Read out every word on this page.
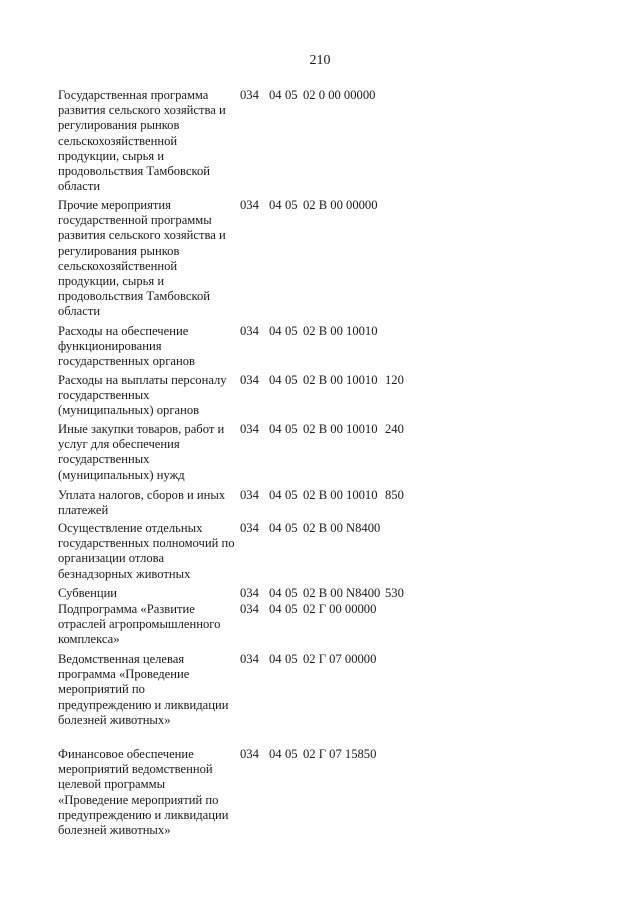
210
Государственная программа развития сельского хозяйства и регулирования рынков сельскохозяйственной продукции, сырья и продовольствия Тамбовской области
034 04 05 02 0 00 00000
Прочие мероприятия государственной программы развития сельского хозяйства и регулирования рынков сельскохозяйственной продукции, сырья и продовольствия Тамбовской области
034 04 05 02 В 00 00000
Расходы на обеспечение функционирования государственных органов
034 04 05 02 В 00 10010
Расходы на выплаты персоналу государственных (муниципальных) органов
034 04 05 02 В 00 10010 120
Иные закупки товаров, работ и услуг для обеспечения государственных (муниципальных) нужд
034 04 05 02 В 00 10010 240
Уплата налогов, сборов и иных платежей
034 04 05 02 В 00 10010 850
Осуществление отдельных государственных полномочий по организации отлова безнадзорных животных
034 04 05 02 В 00 N8400
Субвенции	034 04 05 02 В 00 N8400 530
Подпрограмма «Развитие отраслей агропромышленного комплекса»
034 04 05 02 Г 00 00000
Ведомственная целевая программа «Проведение мероприятий по предупреждению и ликвидации болезней животных»
034 04 05 02 Г 07 00000
Финансовое обеспечение мероприятий ведомственной целевой программы «Проведение мероприятий по предупреждению и ликвидации болезней животных»
034 04 05 02 Г 07 15850
